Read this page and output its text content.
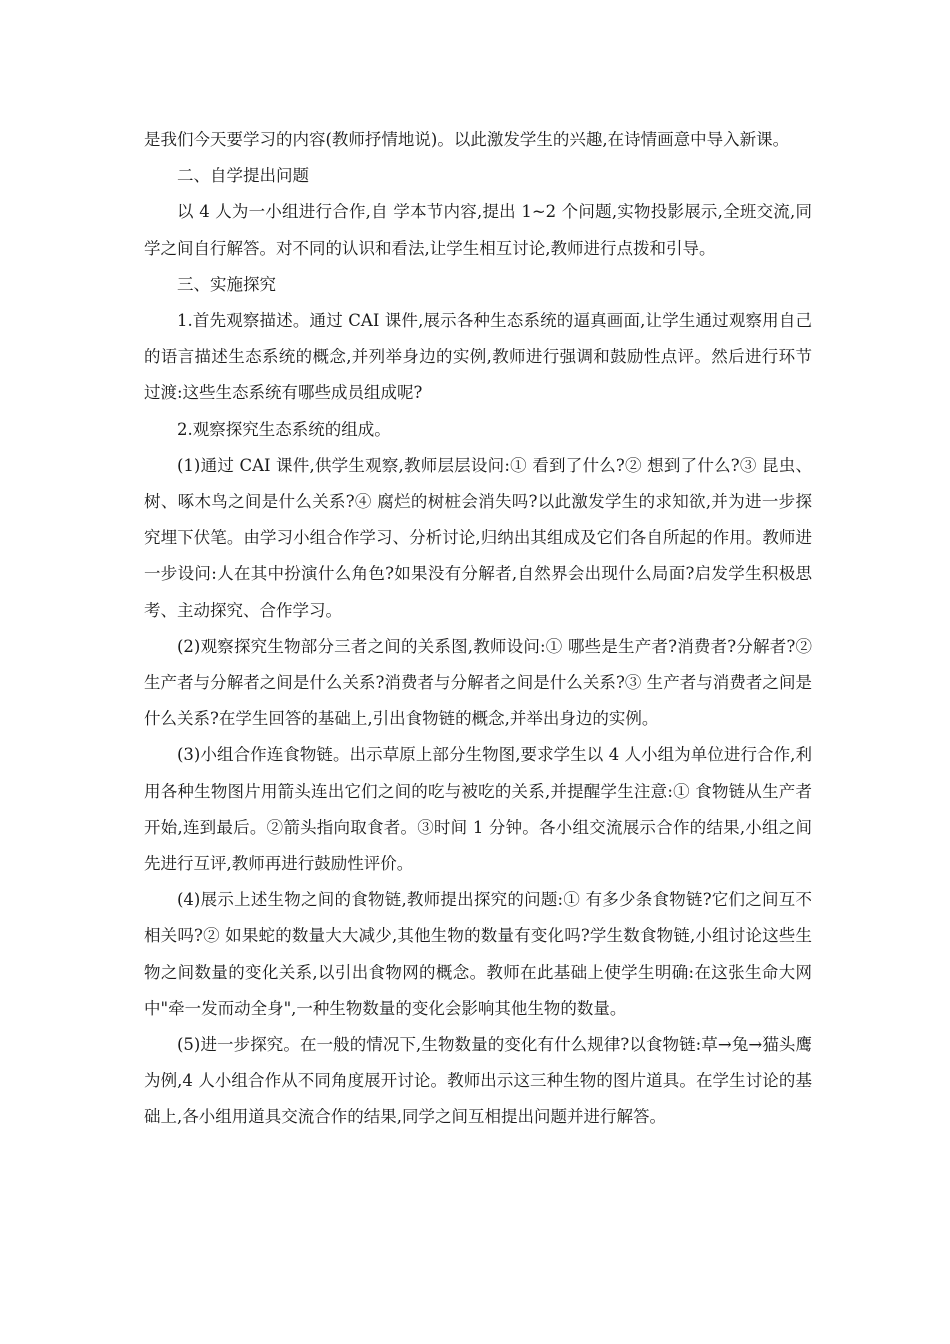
是我们今天要学习的内容(教师抒情地说)。以此激发学生的兴趣,在诗情画意中导入新课。

二、自学提出问题

以 4 人为一小组进行合作,自 学本节内容,提出 1~2 个问题,实物投影展示,全班交流,同学之间自行解答。对不同的认识和看法,让学生相互讨论,教师进行点拨和引导。

三、实施探究

1.首先观察描述。通过 CAI 课件,展示各种生态系统的逼真画面,让学生通过观察用自己的语言描述生态系统的概念,并列举身边的实例,教师进行强调和鼓励性点评。然后进行环节过渡:这些生态系统有哪些成员组成呢?

2.观察探究生态系统的组成。

(1)通过 CAI 课件,供学生观察,教师层层设问:① 看到了什么?② 想到了什么?③ 昆虫、树、啄木鸟之间是什么关系?④ 腐烂的树桩会消失吗?以此激发学生的求知欲,并为进一步探究埋下伏笔。由学习小组合作学习、分析讨论,归纳出其组成及它们各自所起的作用。教师进一步设问:人在其中扮演什么角色?如果没有分解者,自然界会出现什么局面?启发学生积极思考、主动探究、合作学习。

(2)观察探究生物部分三者之间的关系图,教师设问:① 哪些是生产者?消费者?分解者?② 生产者与分解者之间是什么关系?消费者与分解者之间是什么关系?③ 生产者与消费者之间是什么关系?在学生回答的基础上,引出食物链的概念,并举出身边的实例。

(3)小组合作连食物链。出示草原上部分生物图,要求学生以 4 人小组为单位进行合作,利用各种生物图片用箭头连出它们之间的吃与被吃的关系,并提醒学生注意:① 食物链从生产者开始,连到最后。②箭头指向取食者。③时间 1 分钟。各小组交流展示合作的结果,小组之间先进行互评,教师再进行鼓励性评价。

(4)展示上述生物之间的食物链,教师提出探究的问题:① 有多少条食物链?它们之间互不相关吗?② 如果蛇的数量大大减少,其他生物的数量有变化吗?学生数食物链,小组讨论这些生物之间数量的变化关系,以引出食物网的概念。教师在此基础上使学生明确:在这张生命大网中"牵一发而动全身",一种生物数量的变化会影响其他生物的数量。

(5)进一步探究。在一般的情况下,生物数量的变化有什么规律?以食物链:草→兔→猫头鹰为例,4 人小组合作从不同角度展开讨论。教师出示这三种生物的图片道具。在学生讨论的基础上,各小组用道具交流合作的结果,同学之间互相提出问题并进行解答。
